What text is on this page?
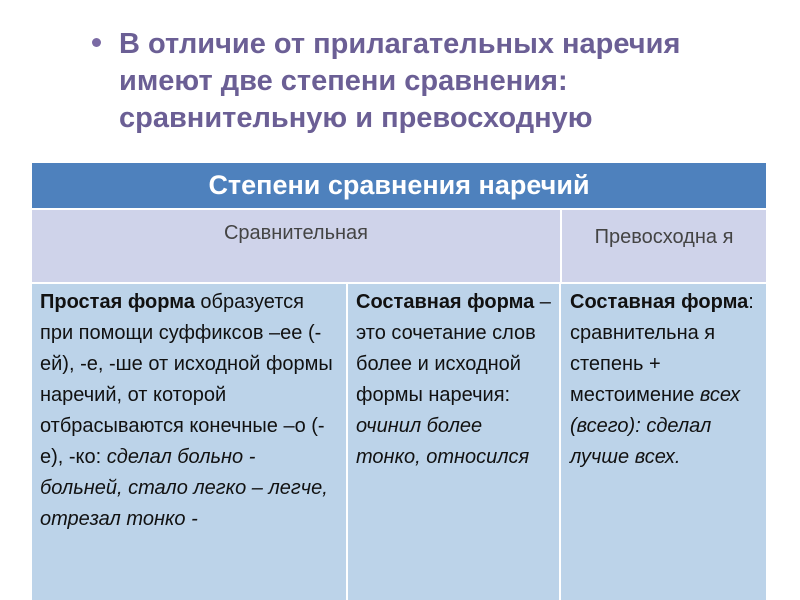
В отличие от прилагательных наречия
имеют две степени сравнения:
сравнительную и превосходную
Степени сравнения наречий
Сравнительная	Превосходна я
Простая форма образуется при помощи суффиксов –ее (-ей), -е, -ше от исходной формы наречий, от которой отбрасываются конечные –о (-е), -ко: сделал больно - больней, стало легко – легче, отрезал тонко -
Составная форма – это сочетание слов более и исходной формы наречия: очинил более тонко, относился
Составная форма: сравнительна я степень + местоимение всех (всего): сделал лучше всех.
